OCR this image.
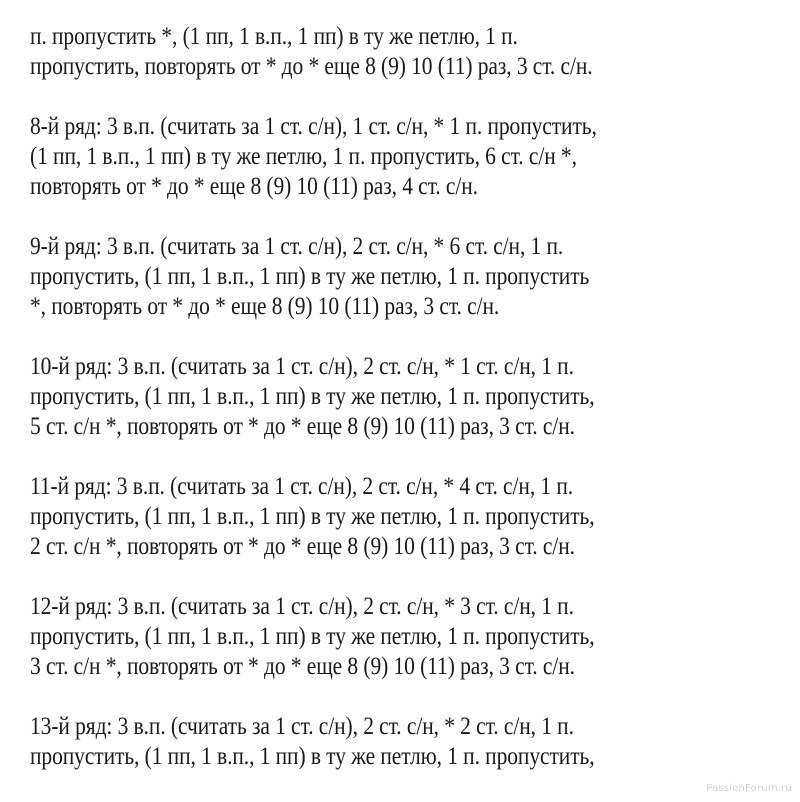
п. пропустить *, (1 пп, 1 в.п., 1 пп) в ту же петлю, 1 п.
пропустить, повторять от * до * еще 8 (9) 10 (11) раз, 3 ст. с/н.
8-й ряд: 3 в.п. (считать за 1 ст. с/н), 1 ст. с/н, * 1 п. пропустить,
(1 пп, 1 в.п., 1 пп) в ту же петлю, 1 п. пропустить, 6 ст. с/н *,
повторять от * до * еще 8 (9) 10 (11) раз, 4 ст. с/н.
9-й ряд: 3 в.п. (считать за 1 ст. с/н), 2 ст. с/н, * 6 ст. с/н, 1 п.
пропустить, (1 пп, 1 в.п., 1 пп) в ту же петлю, 1 п. пропустить
*, повторять от * до * еще 8 (9) 10 (11) раз, 3 ст. с/н.
10-й ряд: 3 в.п. (считать за 1 ст. с/н), 2 ст. с/н, * 1 ст. с/н, 1 п.
пропустить, (1 пп, 1 в.п., 1 пп) в ту же петлю, 1 п. пропустить,
5 ст. с/н *, повторять от * до * еще 8 (9) 10 (11) раз, 3 ст. с/н.
11-й ряд: 3 в.п. (считать за 1 ст. с/н), 2 ст. с/н, * 4 ст. с/н, 1 п.
пропустить, (1 пп, 1 в.п., 1 пп) в ту же петлю, 1 п. пропустить,
2 ст. с/н *, повторять от * до * еще 8 (9) 10 (11) раз, 3 ст. с/н.
12-й ряд: 3 в.п. (считать за 1 ст. с/н), 2 ст. с/н, * 3 ст. с/н, 1 п.
пропустить, (1 пп, 1 в.п., 1 пп) в ту же петлю, 1 п. пропустить,
3 ст. с/н *, повторять от * до * еще 8 (9) 10 (11) раз, 3 ст. с/н.
13-й ряд: 3 в.п. (считать за 1 ст. с/н), 2 ст. с/н, * 2 ст. с/н, 1 п.
пропустить, (1 пп, 1 в.п., 1 пп) в ту же петлю, 1 п. пропустить,
PassionForum.ru
